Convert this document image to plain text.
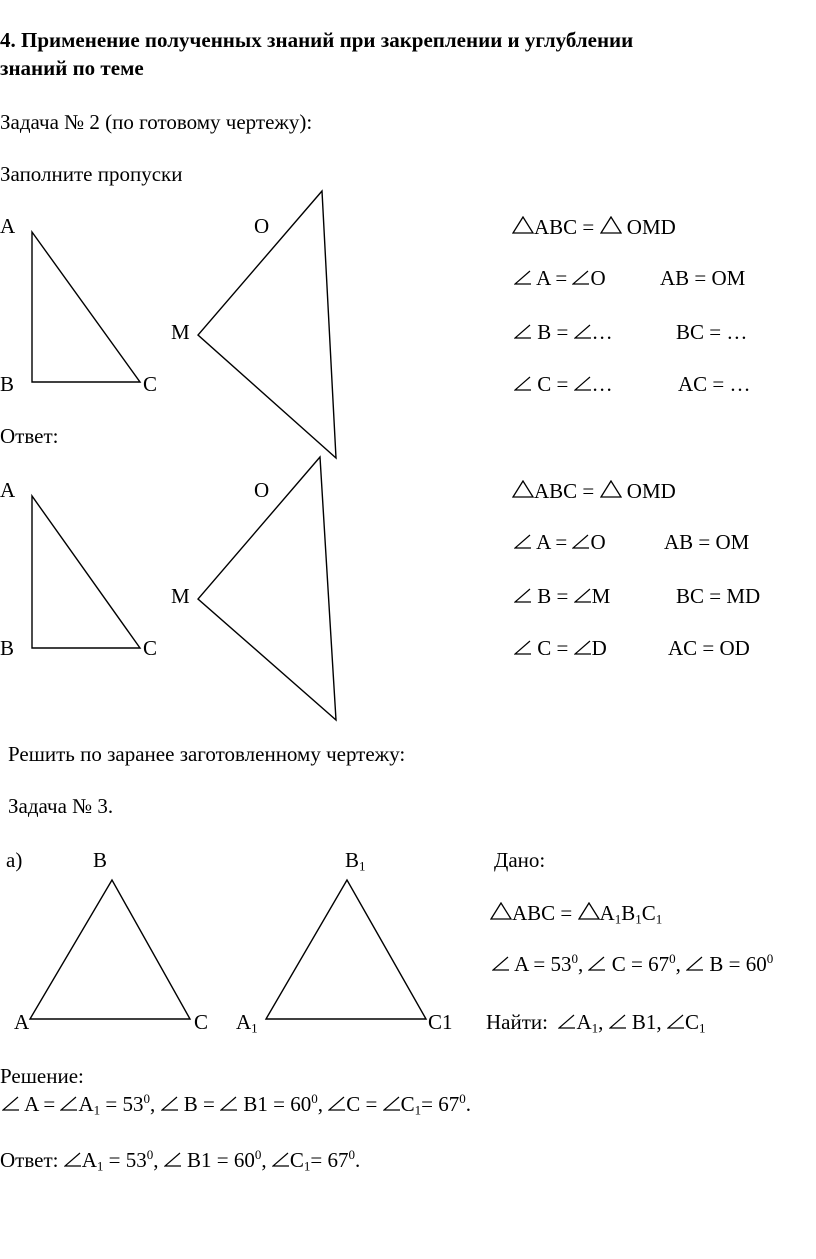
4. Применение полученных знаний при закреплении и углублении
знаний по теме
Задача № 2 (по готовому чертежу):
Заполните пропуски
A	O
M
B	C
ABC =  OMD
A = O	AB = OM
B = …	BC = …
C = …	AC = …
Ответ:
A	O
M
B	C
ABC =  OMD
A = O	AB = OM
B = M	BC = MD
C = D	AC = OD
Решить по заранее заготовленному чертежу:
Задача № 3.
а)	B	$B_1$
A	C $A_1$	C1
Дано:
ABC = $A_1B_1C_1$
$A = 53^0$,  $C = 67^0$,  $B = 60^0$
Найти: $A_1$,  B1, $C_1$
Решение:
$A = A_1 = 53^0$,  $B = B1 = 60^0$, $C = C_1= 67^0$.
Ответ: $A_1 = 53^0$,  $B1 = 60^0$, $C_1= 67^0$.
